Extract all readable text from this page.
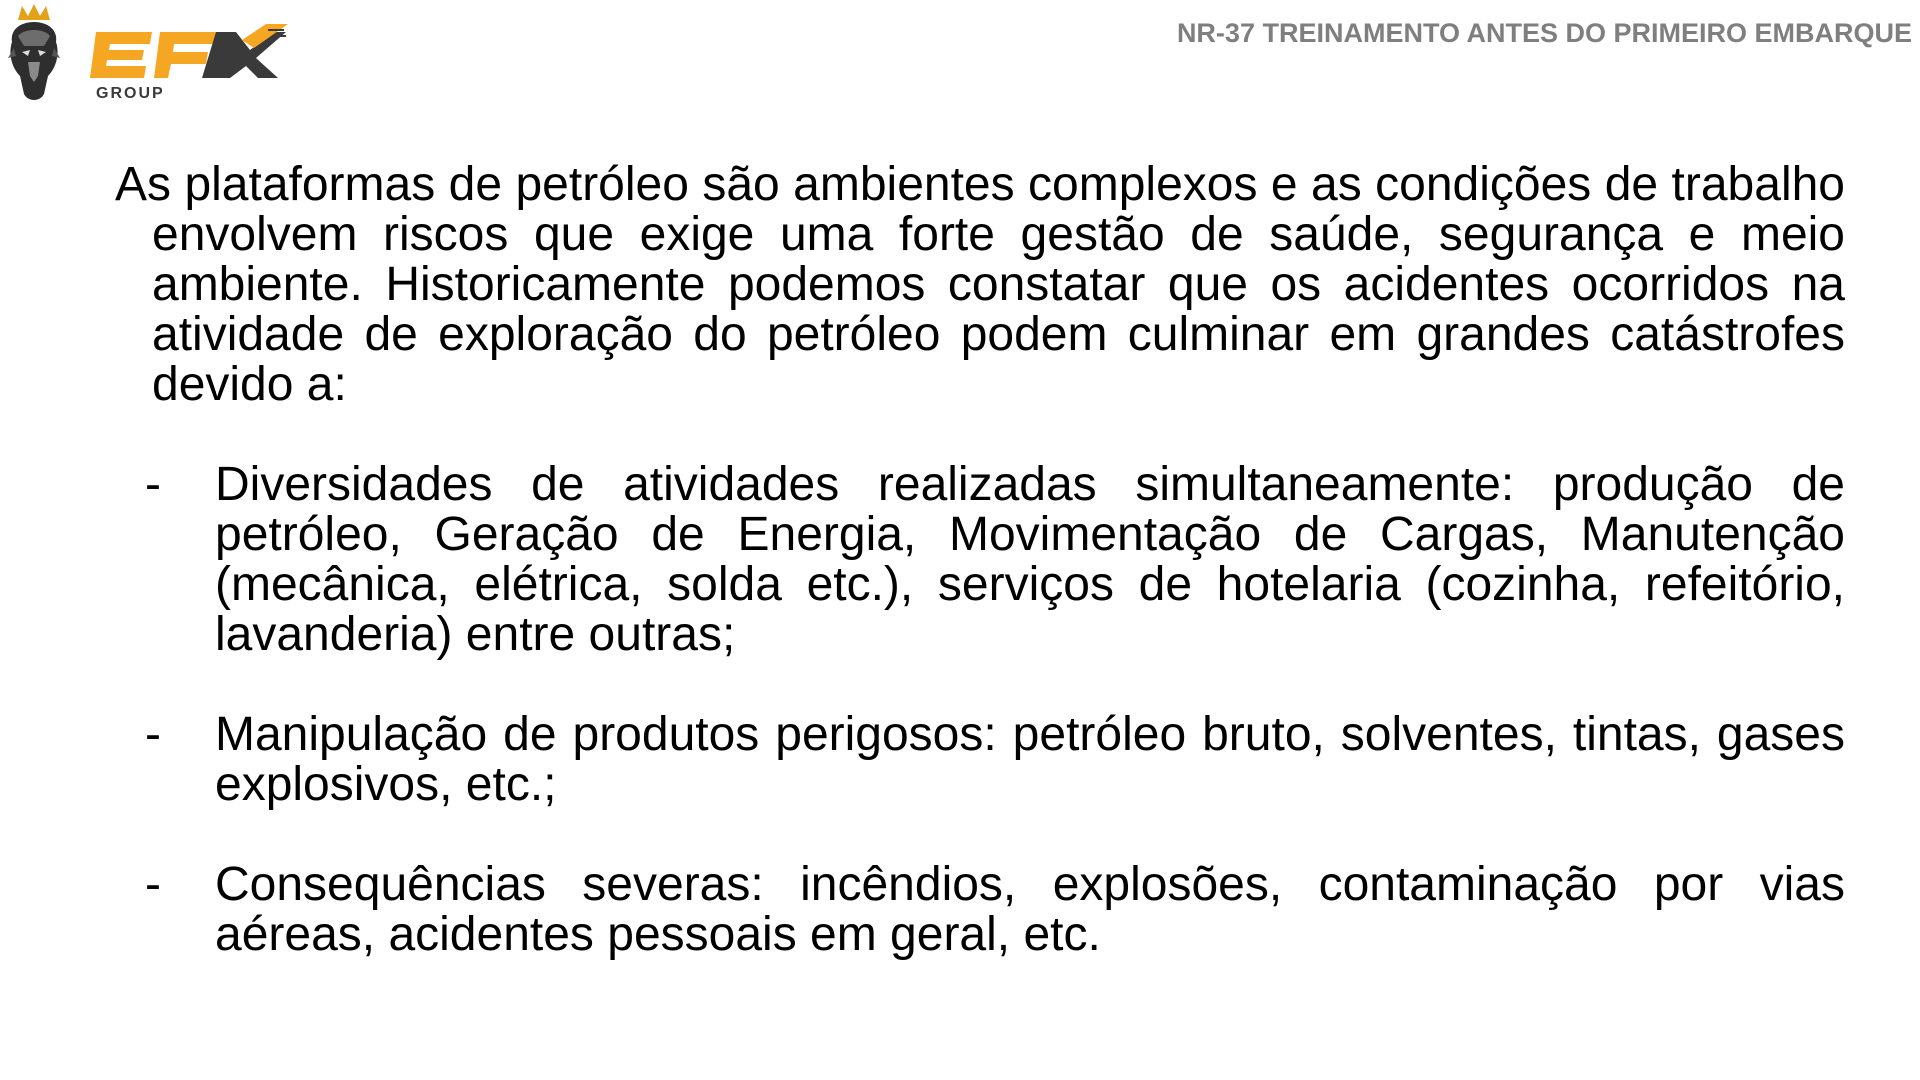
GROUP
NR-37 TREINAMENTO ANTES DO PRIMEIRO EMBARQUE

As plataformas de petróleo são ambientes complexos e as condições de trabalho envolvem riscos que exige uma forte gestão de saúde, segurança e meio ambiente. Historicamente podemos constatar que os acidentes ocorridos na atividade de exploração do petróleo podem culminar em grandes catástrofes devido a:

- Diversidades de atividades realizadas simultaneamente: produção de petróleo, Geração de Energia, Movimentação de Cargas, Manutenção (mecânica, elétrica, solda etc.), serviços de hotelaria (cozinha, refeitório, lavanderia) entre outras;
- Manipulação de produtos perigosos: petróleo bruto, solventes, tintas, gases explosivos, etc.;
- Consequências severas: incêndios, explosões, contaminação por vias aéreas, acidentes pessoais em geral, etc.
